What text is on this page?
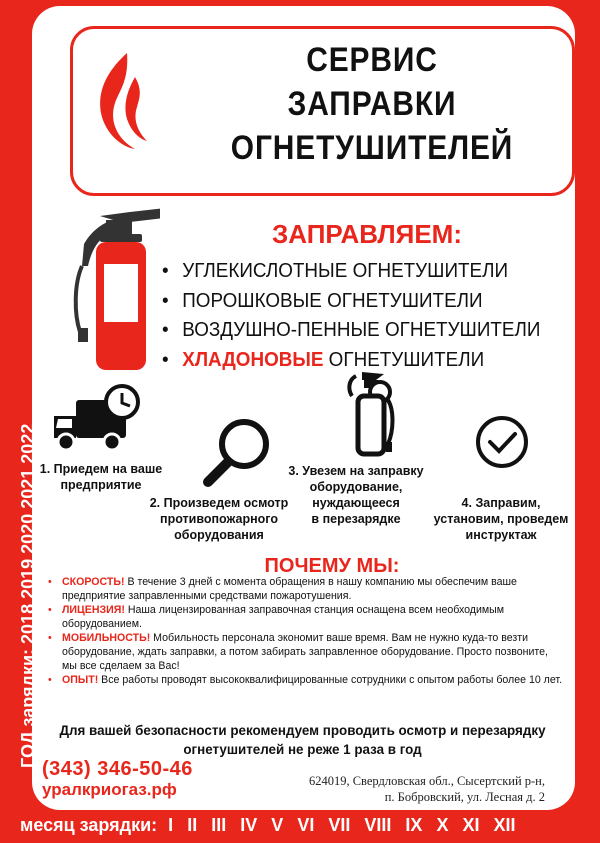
СЕРВИС
ЗАПРАВКИ
ОГНЕТУШИТЕЛЕЙ
ЗАПРАВЛЯЕМ:
• УГЛЕКИСЛОТНЫЕ ОГНЕТУШИТЕЛИ
• ПОРОШКОВЫЕ ОГНЕТУШИТЕЛИ
• ВОЗДУШНО-ПЕННЫЕ ОГНЕТУШИТЕЛИ
• ХЛАДОНОВЫЕ ОГНЕТУШИТЕЛИ
1. Приедем на ваше
предприятие
2. Произведем осмотр
противопожарного
оборудования
3. Увезем на заправку
оборудование,
нуждающееся
в перезарядке
4. Заправим,
установим, проведем
инструктаж
ПОЧЕМУ МЫ:
• СКОРОСТЬ! В течение 3 дней с момента обращения в нашу компанию мы обеспечим ваше предприятие заправленными средствами пожаротушения.
• ЛИЦЕНЗИЯ! Наша лицензированная заправочная станция оснащена всем необходимым оборудованием.
• МОБИЛЬНОСТЬ! Мобильность персонала экономит ваше время. Вам не нужно куда-то везти оборудование, ждать заправки, а потом забирать заправленное оборудование. Просто позвоните, мы все сделаем за Вас!
• ОПЫТ! Все работы проводят высококвалифицированные сотрудники с опытом работы более 10 лет.
Для вашей безопасности рекомендуем проводить осмотр и перезарядку
огнетушителей не реже 1 раза в год
(343) 346-50-46
уралкриогаз.рф	624019, Свердловская обл., Сысертский р-н,
п. Бобровский, ул. Лесная д. 2
ГОД зарядки: 2018 2019 2020 2021 2022
месяц зарядки: I II III IV V VI VII VIII IX X XI XII
